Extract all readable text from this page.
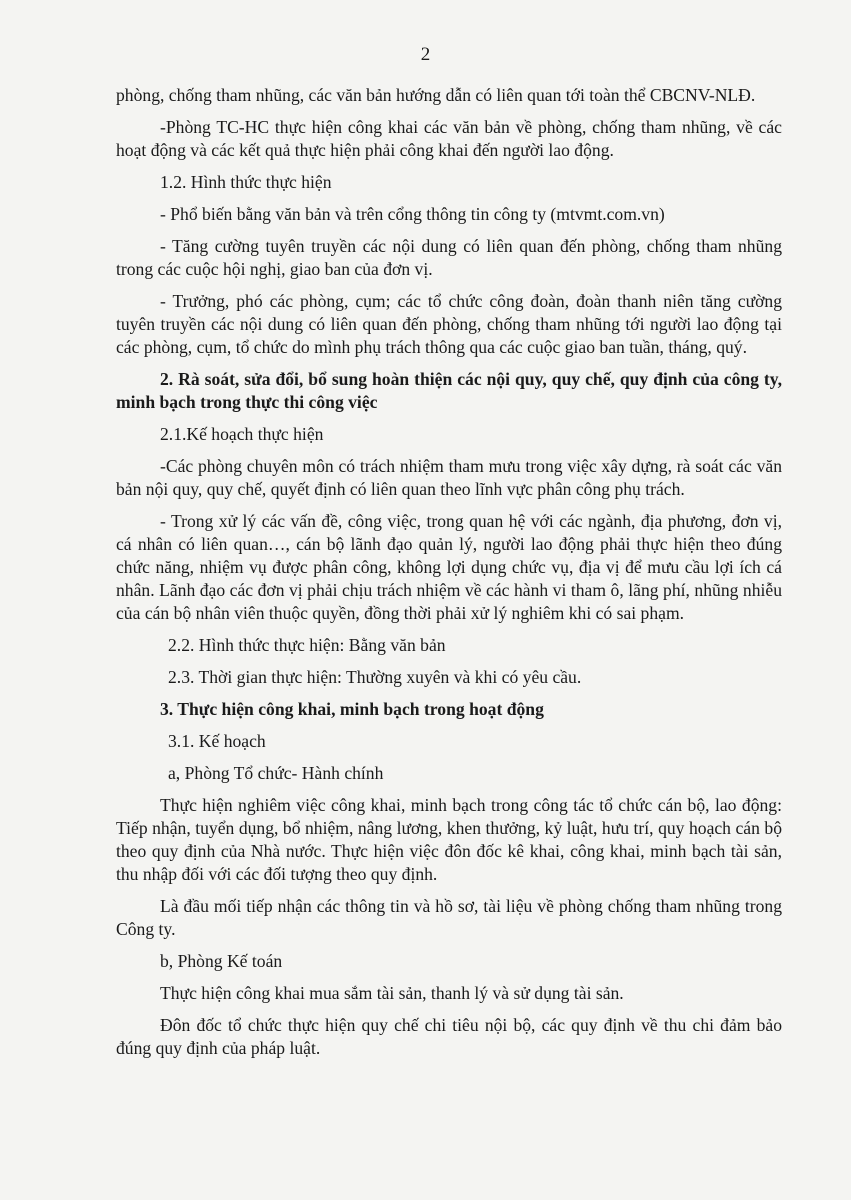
2

phòng, chống tham nhũng, các văn bản hướng dẫn có liên quan tới toàn thể CBCNV-NLĐ.

-Phòng TC-HC thực hiện công khai các văn bản về phòng, chống tham nhũng, về các hoạt động và các kết quả thực hiện phải công khai đến người lao động.

1.2. Hình thức thực hiện

- Phổ biến bằng văn bản và trên cổng thông tin công ty (mtvmt.com.vn)

- Tăng cường tuyên truyền các nội dung có liên quan đến phòng, chống tham nhũng trong các cuộc hội nghị, giao ban của đơn vị.

- Trưởng, phó các phòng, cụm; các tổ chức công đoàn, đoàn thanh niên tăng cường tuyên truyền các nội dung có liên quan đến phòng, chống tham nhũng tới người lao động tại các phòng, cụm, tổ chức do mình phụ trách thông qua các cuộc giao ban tuần, tháng, quý.

2. Rà soát, sửa đổi, bổ sung hoàn thiện các nội quy, quy chế, quy định của công ty, minh bạch trong thực thi công việc

2.1.Kế hoạch thực hiện

-Các phòng chuyên môn có trách nhiệm tham mưu trong việc xây dựng, rà soát các văn bản nội quy, quy chế, quyết định có liên quan theo lĩnh vực phân công phụ trách.

- Trong xử lý các vấn đề, công việc, trong quan hệ với các ngành, địa phương, đơn vị, cá nhân có liên quan…, cán bộ lãnh đạo quản lý, người lao động phải thực hiện theo đúng chức năng, nhiệm vụ được phân công, không lợi dụng chức vụ, địa vị để mưu cầu lợi ích cá nhân. Lãnh đạo các đơn vị phải chịu trách nhiệm về các hành vi tham ô, lãng phí, nhũng nhiễu của cán bộ nhân viên thuộc quyền, đồng thời phải xử lý nghiêm khi có sai phạm.

2.2. Hình thức thực hiện: Bằng văn bản

2.3. Thời gian thực hiện: Thường xuyên và khi có yêu cầu.

3. Thực hiện công khai, minh bạch trong hoạt động

3.1. Kế hoạch

a, Phòng Tổ chức- Hành chính

Thực hiện nghiêm việc công khai, minh bạch trong công tác tổ chức cán bộ, lao động: Tiếp nhận, tuyển dụng, bổ nhiệm, nâng lương, khen thưởng, kỷ luật, hưu trí, quy hoạch cán bộ theo quy định của Nhà nước. Thực hiện việc đôn đốc kê khai, công khai, minh bạch tài sản, thu nhập đối với các đối tượng theo quy định.

Là đầu mối tiếp nhận các thông tin và hồ sơ, tài liệu về phòng chống tham nhũng trong Công ty.

b, Phòng Kế toán

Thực hiện công khai mua sắm tài sản, thanh lý và sử dụng tài sản.

Đôn đốc tổ chức thực hiện quy chế chi tiêu nội bộ, các quy định về thu chi đảm bảo đúng quy định của pháp luật.
